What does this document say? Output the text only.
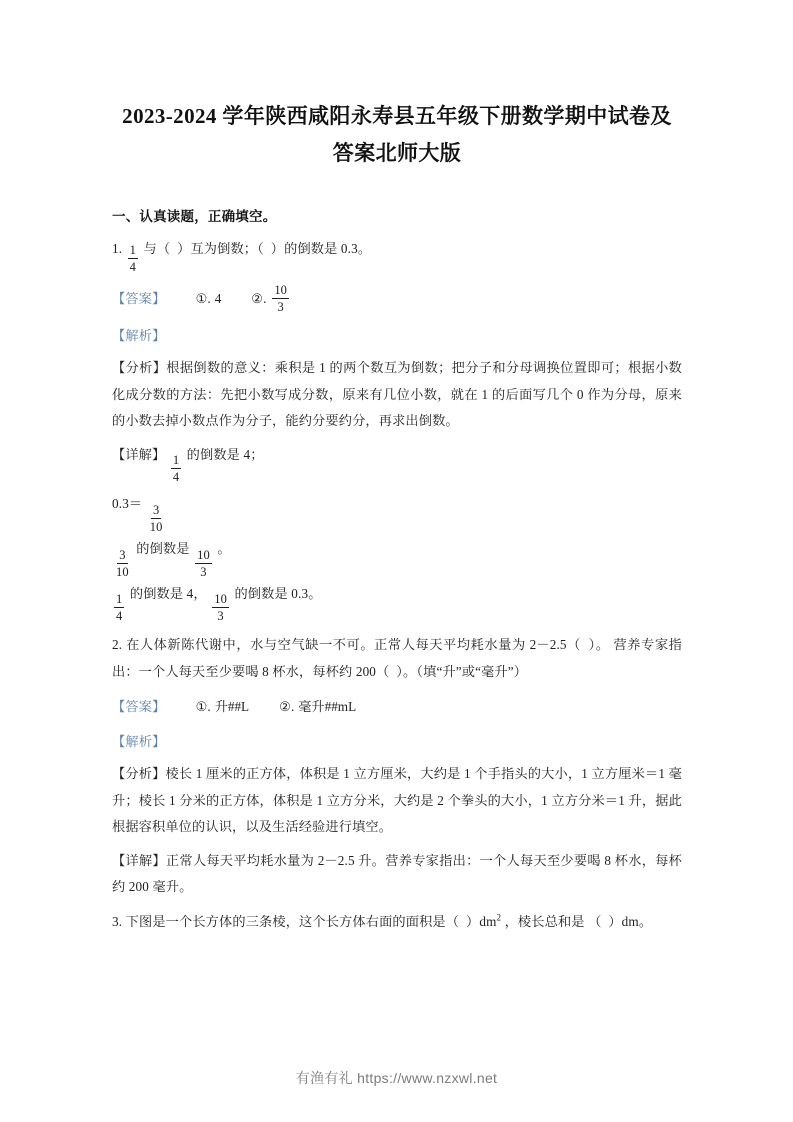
2023-2024 学年陕西咸阳永寿县五年级下册数学期中试卷及答案北师大版
一、认真读题，正确填空。
1. $\frac{1}{4}$ 与（ ）互为倒数；（ ）的倒数是 0.3。
【答案】 ①. 4 ②. $\frac{10}{3}$
【解析】
【分析】根据倒数的意义：乘积是 1 的两个数互为倒数；把分子和分母调换位置即可；根据小数化成分数的方法：先把小数写成分数，原来有几位小数，就在 1 的后面写几个 0 作为分母，原来的小数去掉小数点作为分子，能约分要约分，再求出倒数。
【详解】 $\frac{1}{4}$ 的倒数是 4；
$0.3= \frac{3}{10}$
$\frac{3}{10}$ 的倒数是 $\frac{10}{3}$ 。
$\frac{1}{4}$ 的倒数是 4， $\frac{10}{3}$ 的倒数是 0.3。
2. 在人体新陈代谢中，水与空气缺一不可。正常人每天平均耗水量为 2－2.5（ ）。 营养专家指出：一个人每天至少要喝 8 杯水，每杯约 200（ ）。（填“升”或“毫升”）
【答案】 ①. 升##L ②. 毫升##mL
【解析】
【分析】棱长 1 厘米的正方体，体积是 1 立方厘米，大约是 1 个手指头的大小，1 立方厘米＝1 毫升；棱长 1 分米的正方体，体积是 1 立方分米，大约是 2 个拳头的大小，1 立方分米＝1 升，据此根据容积单位的认识，以及生活经验进行填空。
【详解】正常人每天平均耗水量为 2－2.5 升。营养专家指出：一个人每天至少要喝 8 杯水，每杯约 200 毫升。
3. 下图是一个长方体的三条棱，这个长方体右面的面积是（ ）$dm^2$ ，棱长总和是 （ ）dm。
有渔有礼 https://www.nzxwl.net
